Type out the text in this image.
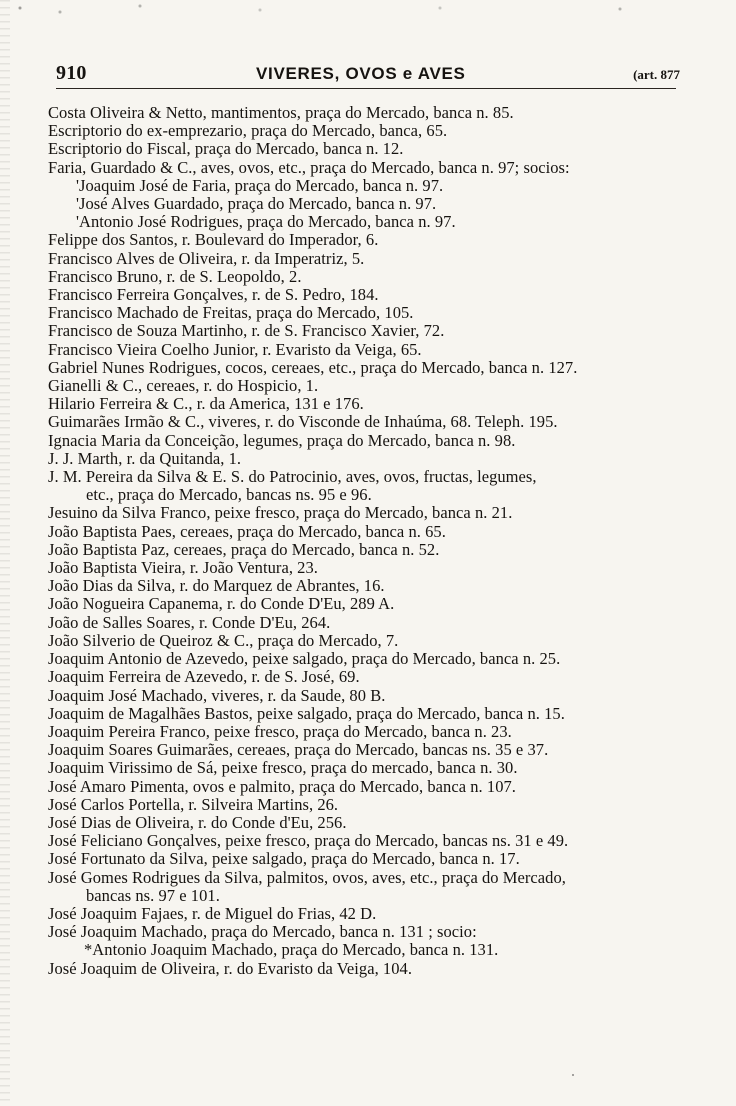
910	VIVERES, OVOS e AVES	(art. 877
Costa Oliveira & Netto, mantimentos, praça do Mercado, banca n. 85.
Escriptorio do ex-emprezario, praça do Mercado, banca, 65.
Escriptorio do Fiscal, praça do Mercado, banca n. 12.
Faria, Guardado & C., aves, ovos, etc., praça do Mercado, banca n. 97; socios:
'Joaquim José de Faria, praça do Mercado, banca n. 97.
'José Alves Guardado, praça do Mercado, banca n. 97.
'Antonio José Rodrigues, praça do Mercado, banca n. 97.
Felippe dos Santos, r. Boulevard do Imperador, 6.
Francisco Alves de Oliveira, r. da Imperatriz, 5.
Francisco Bruno, r. de S. Leopoldo, 2.
Francisco Ferreira Gonçalves, r. de S. Pedro, 184.
Francisco Machado de Freitas, praça do Mercado, 105.
Francisco de Souza Martinho, r. de S. Francisco Xavier, 72.
Francisco Vieira Coelho Junior, r. Evaristo da Veiga, 65.
Gabriel Nunes Rodrigues, cocos, cereaes, etc., praça do Mercado, banca n. 127.
Gianelli & C., cereaes, r. do Hospicio, 1.
Hilario Ferreira & C., r. da America, 131 e 176.
Guimarães Irmão & C., viveres, r. do Visconde de Inhaúma, 68. Teleph. 195.
Ignacia Maria da Conceição, legumes, praça do Mercado, banca n. 98.
J. J. Marth, r. da Quitanda, 1.
J. M. Pereira da Silva & E. S. do Patrocinio, aves, ovos, fructas, legumes,
etc., praça do Mercado, bancas ns. 95 e 96.
Jesuino da Silva Franco, peixe fresco, praça do Mercado, banca n. 21.
João Baptista Paes, cereaes, praça do Mercado, banca n. 65.
João Baptista Paz, cereaes, praça do Mercado, banca n. 52.
João Baptista Vieira, r. João Ventura, 23.
João Dias da Silva, r. do Marquez de Abrantes, 16.
João Nogueira Capanema, r. do Conde D'Eu, 289 A.
João de Salles Soares, r. Conde D'Eu, 264.
João Silverio de Queiroz & C., praça do Mercado, 7.
Joaquim Antonio de Azevedo, peixe salgado, praça do Mercado, banca n. 25.
Joaquim Ferreira de Azevedo, r. de S. José, 69.
Joaquim José Machado, viveres, r. da Saude, 80 B.
Joaquim de Magalhães Bastos, peixe salgado, praça do Mercado, banca n. 15.
Joaquim Pereira Franco, peixe fresco, praça do Mercado, banca n. 23.
Joaquim Soares Guimarães, cereaes, praça do Mercado, bancas ns. 35 e 37.
Joaquim Virissimo de Sá, peixe fresco, praça do mercado, banca n. 30.
José Amaro Pimenta, ovos e palmito, praça do Mercado, banca n. 107.
José Carlos Portella, r. Silveira Martins, 26.
José Dias de Oliveira, r. do Conde d'Eu, 256.
José Feliciano Gonçalves, peixe fresco, praça do Mercado, bancas ns. 31 e 49.
José Fortunato da Silva, peixe salgado, praça do Mercado, banca n. 17.
José Gomes Rodrigues da Silva, palmitos, ovos, aves, etc., praça do Mercado,
bancas ns. 97 e 101.
José Joaquim Fajaes, r. de Miguel do Frias, 42 D.
José Joaquim Machado, praça do Mercado, banca n. 131 ; socio:
*Antonio Joaquim Machado, praça do Mercado, banca n. 131.
José Joaquim de Oliveira, r. do Evaristo da Veiga, 104.
